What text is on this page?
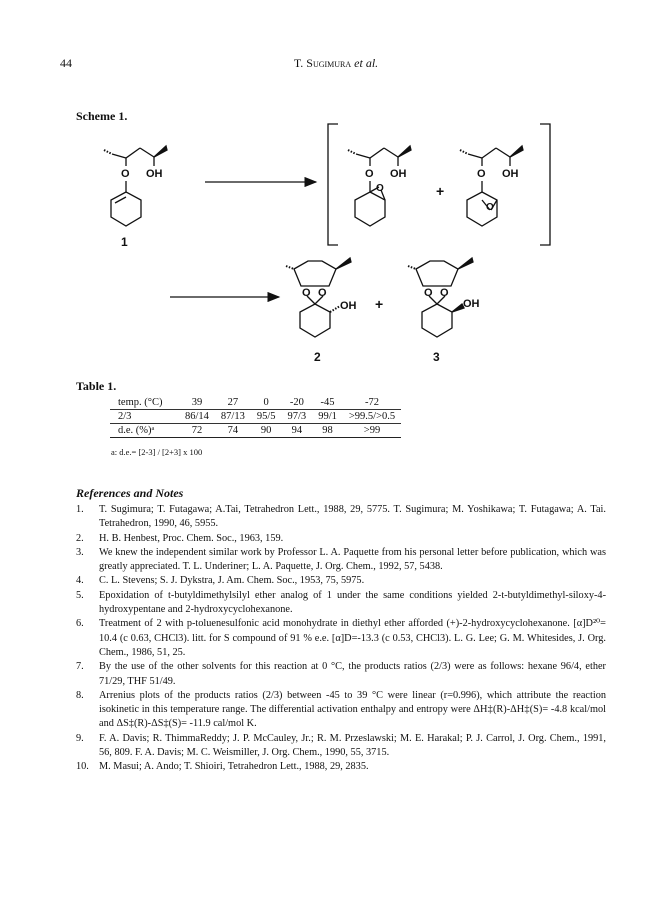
44	T. Sugimura et al.
Scheme 1.
O OH
1
O OH
O	+
O OH
O
O O
OH +
2
O O
OH
3
Table 1.
temp. (°C)	39	27	0	-20	-45	-72
2/3	86/14	87/13	95/5	97/3	99/1	>99.5/>0.5
d.e. (%)ᵃ	72	74	90	94	98	>99
a: d.e.= [2-3] / [2+3] x 100
References and Notes
1.	T. Sugimura; T. Futagawa; A.Tai, Tetrahedron Lett., 1988, 29, 5775. T. Sugimura; M. Yoshikawa; T. Futagawa; A. Tai. Tetrahedron, 1990, 46, 5955.
2.	H. B. Henbest, Proc. Chem. Soc., 1963, 159.
3.	We knew the independent similar work by Professor L. A. Paquette from his personal letter before publication, which was greatly appreciated. T. L. Underiner; L. A. Paquette, J. Org. Chem., 1992, 57, 5438.
4.	C. L. Stevens; S. J. Dykstra, J. Am. Chem. Soc., 1953, 75, 5975.
5.	Epoxidation of t-butyldimethylsilyl ether analog of 1 under the same conditions yielded 2-t-butyldimethyl-siloxy-4-hydroxypentane and 2-hydroxycyclohexanone.
6.	Treatment of 2 with p-toluenesulfonic acid monohydrate in diethyl ether afforded (+)-2-hydroxycyclohexanone. [α]D²⁰= 10.4 (c 0.63, CHCl3). litt. for S compound of 91 % e.e. [α]D=-13.3 (c 0.53, CHCl3). L. G. Lee; G. M. Whitesides, J. Org. Chem., 1986, 51, 25.
7.	By the use of the other solvents for this reaction at 0 °C, the products ratios (2/3) were as follows: hexane 96/4, ether 71/29, THF 51/49.
8.	Arrenius plots of the products ratios (2/3) between -45 to 39 °C were linear (r=0.996), which attribute the reaction isokinetic in this temperature range. The differential activation enthalpy and entropy were ΔH‡(R)-ΔH‡(S)= -4.8 kcal/mol and ΔS‡(R)-ΔS‡(S)= -11.9 cal/mol K.
9.	F. A. Davis; R. ThimmaReddy; J. P. McCauley, Jr.; R. M. Przeslawski; M. E. Harakal; P. J. Carrol, J. Org. Chem., 1991, 56, 809. F. A. Davis; M. C. Weismiller, J. Org. Chem., 1990, 55, 3715.
10. M. Masui; A. Ando; T. Shioiri, Tetrahedron Lett., 1988, 29, 2835.
